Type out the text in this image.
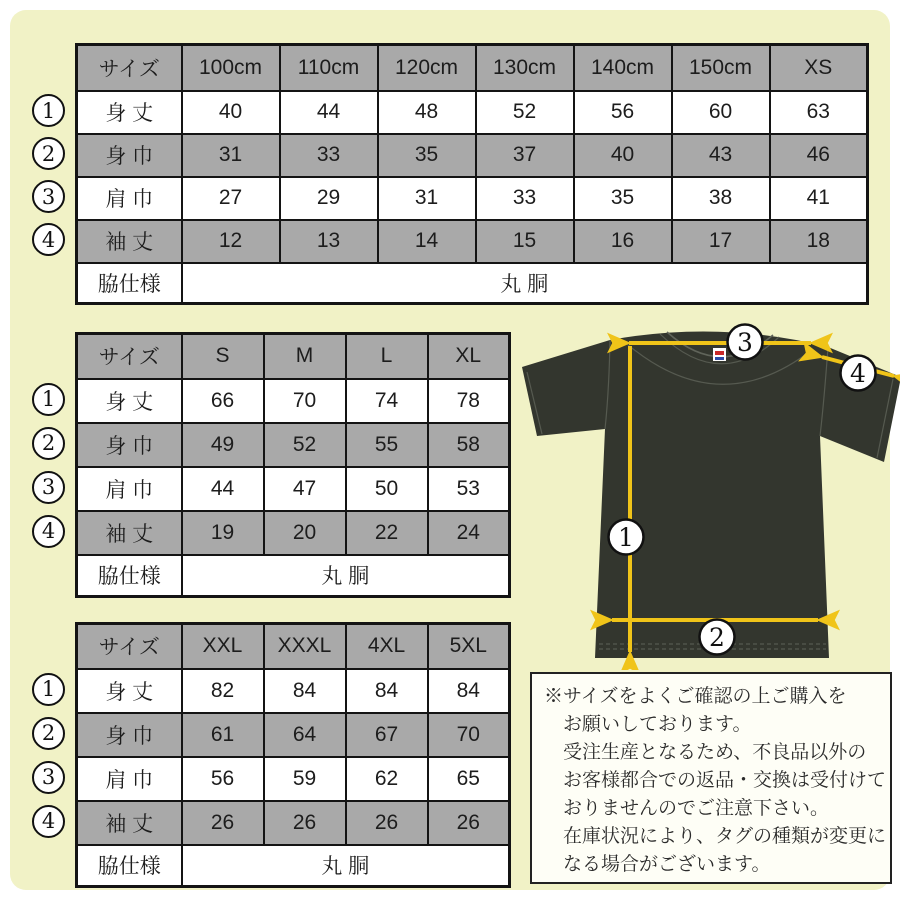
1
2
3
4
サイズ	100cm	110cm	120cm	130cm	140cm	150cm	XS
身 丈	40	44	48	52	56	60	63
身 巾	31	33	35	37	40	43	46
肩 巾	27	29	31	33	35	38	41
袖 丈	12	13	14	15	16	17	18
脇仕様	丸 胴						
1
2
3
4
サイズ	S	M	L	XL
身 丈	66	70	74	78
身 巾	49	52	55	58
肩 巾	44	47	50	53
袖 丈	19	20	22	24
脇仕様	丸 胴			
1
2
3
4
サイズ	XXL	XXXL	4XL	5XL
身 丈	82	84	84	84
身 巾	61	64	67	70
肩 巾	56	59	62	65
袖 丈	26	26	26	26
脇仕様	丸 胴			
3
4
1
2
※サイズをよくご確認の上ご購入を
お願いしております。
受注生産となるため、不良品以外の
お客様都合での返品・交換は受付けて
おりませんのでご注意下さい。
在庫状況により、タグの種類が変更に
なる場合がございます。
